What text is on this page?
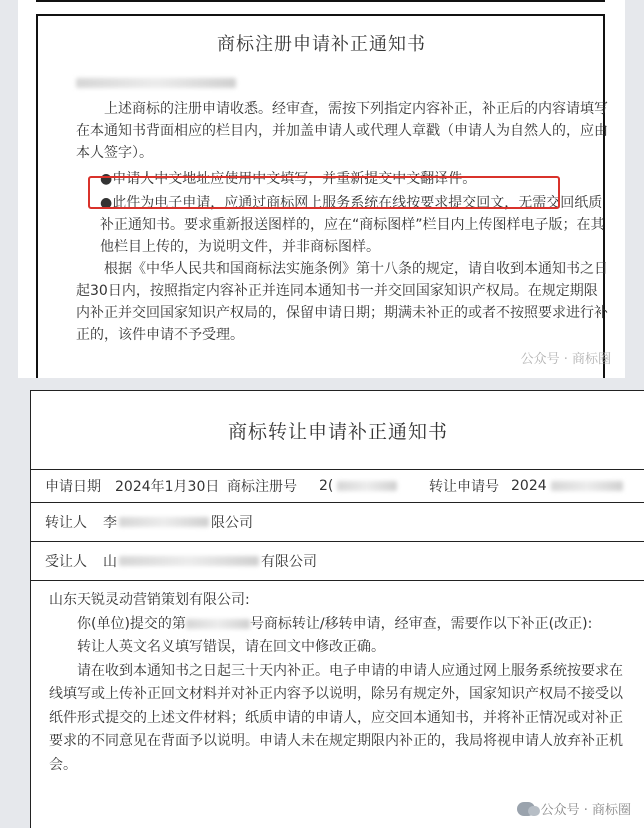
商标注册申请补正通知书

上述商标的注册申请收悉。经审查，需按下列指定内容补正，补正后的内容请填写在本通知书背面相应的栏目内，并加盖申请人或代理人章戳（申请人为自然人的，应由本人签字）。

●申请人中文地址应使用中文填写，并重新提交中文翻译件。

●此件为电子申请，应通过商标网上服务系统在线按要求提交回文，无需交回纸质补正通知书。要求重新报送图样的，应在“商标图样”栏目内上传图样电子版；在其他栏目上传的，为说明文件，并非商标图样。

根据《中华人民共和国商标法实施条例》第十八条的规定，请自收到本通知书之日起30日内，按照指定内容补正并连同本通知书一并交回国家知识产权局。在规定期限内补正并交回国家知识产权局的，保留申请日期；期满未补正的或者不按照要求进行补正的，该件申请不予受理。

公众号 · 商标圈
商标转让申请补正通知书
申请日期 2024年1月30日 商标注册号 2(	转让申请号 2024
转让人 李	限公司
受让人 山	有限公司

山东天锐灵动营销策划有限公司:

你(单位)提交的第	号商标转让/移转申请，经审查，需要作以下补正(改正):

转让人英文名义填写错误，请在回文中修改正确。

请在收到本通知书之日起三十天内补正。电子申请的申请人应通过网上服务系统按要求在线填写或上传补正回文材料并对补正内容予以说明，除另有规定外，国家知识产权局不接受以纸件形式提交的上述文件材料；纸质申请的申请人，应交回本通知书，并将补正情况或对补正要求的不同意见在背面予以说明。申请人未在规定期限内补正的，我局将视申请人放弃补正机会。

公众号 · 商标圈
